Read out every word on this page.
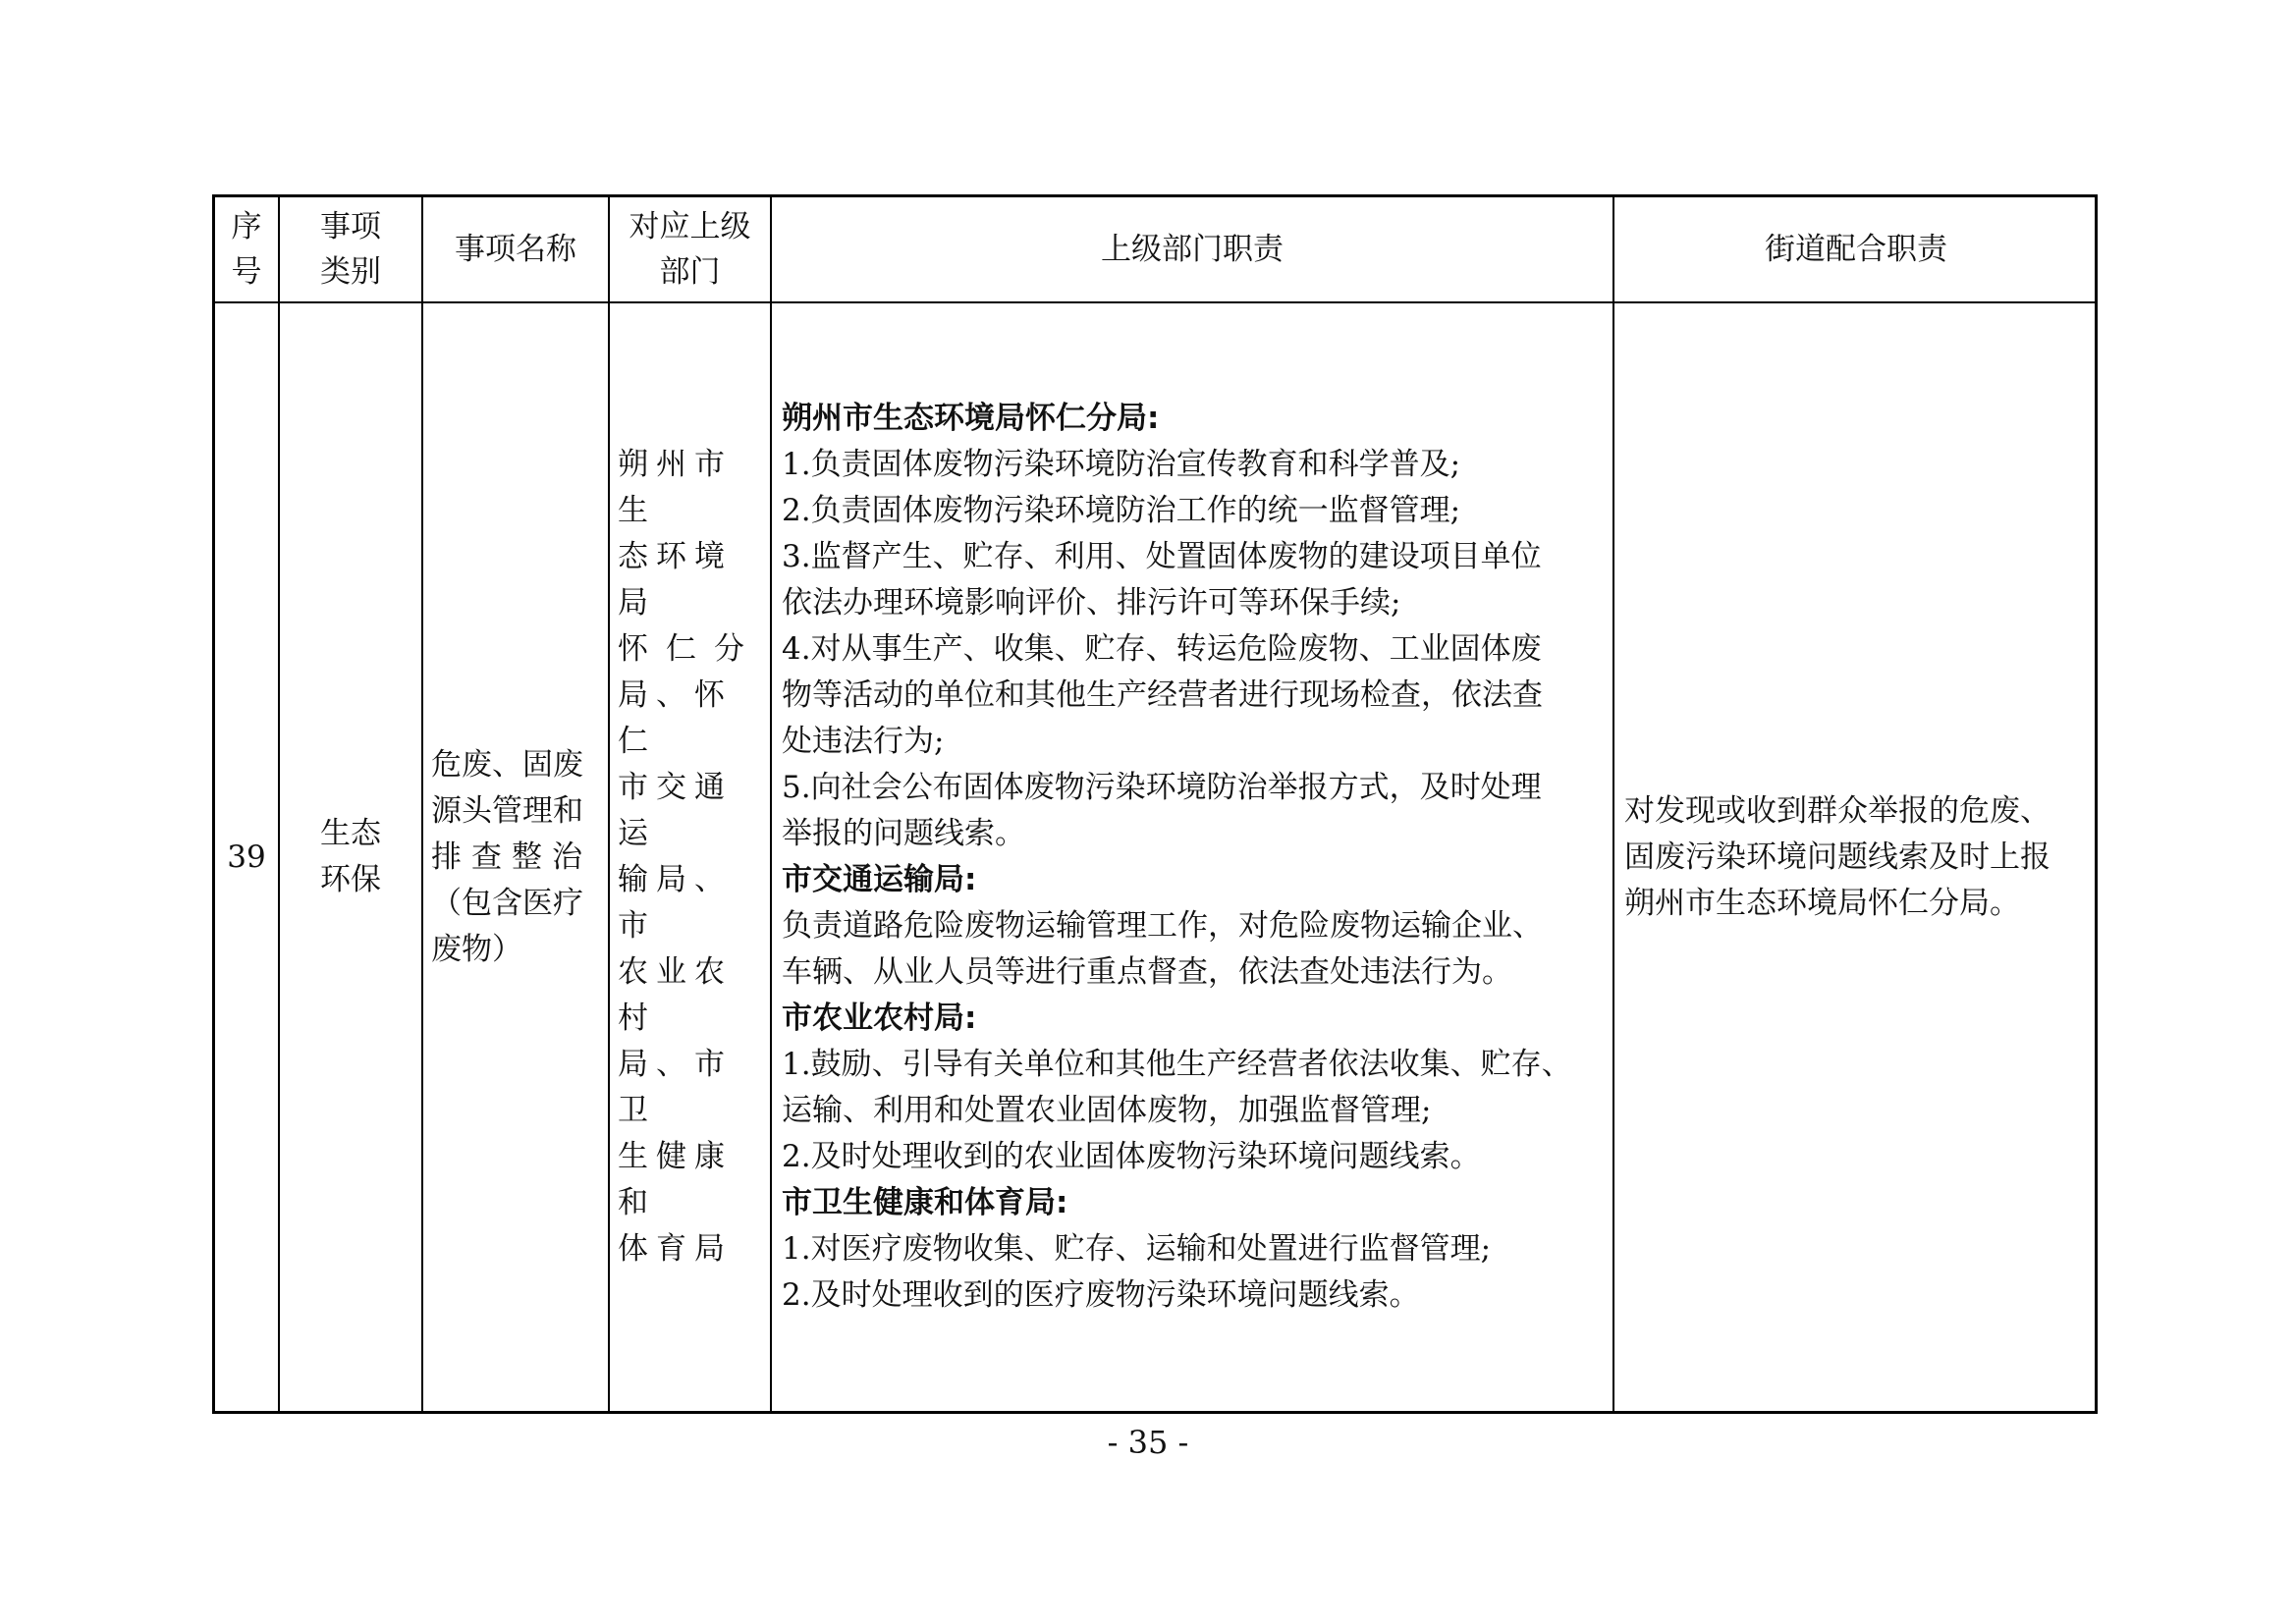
序
号
事项
类别
事项名称
对应上级
部门
上级部门职责	街道配合职责
39
生态
环保
危废、固废
源头管理和
排查整治
（包含医疗
废物）
朔州市生
态环境局
怀仁分
局、怀仁
市交通运
输局、市
农业农村
局、市卫
生健康和
体育局
朔州市生态环境局怀仁分局:
1.负责固体废物污染环境防治宣传教育和科学普及;
2.负责固体废物污染环境防治工作的统一监督管理;
3.监督产生、贮存、利用、处置固体废物的建设项目单位
依法办理环境影响评价、排污许可等环保手续;
4.对从事生产、收集、贮存、转运危险废物、工业固体废
物等活动的单位和其他生产经营者进行现场检查，依法查
处违法行为;
5.向社会公布固体废物污染环境防治举报方式，及时处理
举报的问题线索。
市交通运输局:
负责道路危险废物运输管理工作，对危险废物运输企业、
车辆、从业人员等进行重点督查，依法查处违法行为。
市农业农村局:
1.鼓励、引导有关单位和其他生产经营者依法收集、贮存、
运输、利用和处置农业固体废物，加强监督管理;
2.及时处理收到的农业固体废物污染环境问题线索。
市卫生健康和体育局:
1.对医疗废物收集、贮存、运输和处置进行监督管理;
2.及时处理收到的医疗废物污染环境问题线索。
对发现或收到群众举报的危废、
固废污染环境问题线索及时上报
朔州市生态环境局怀仁分局。
- 35 -
